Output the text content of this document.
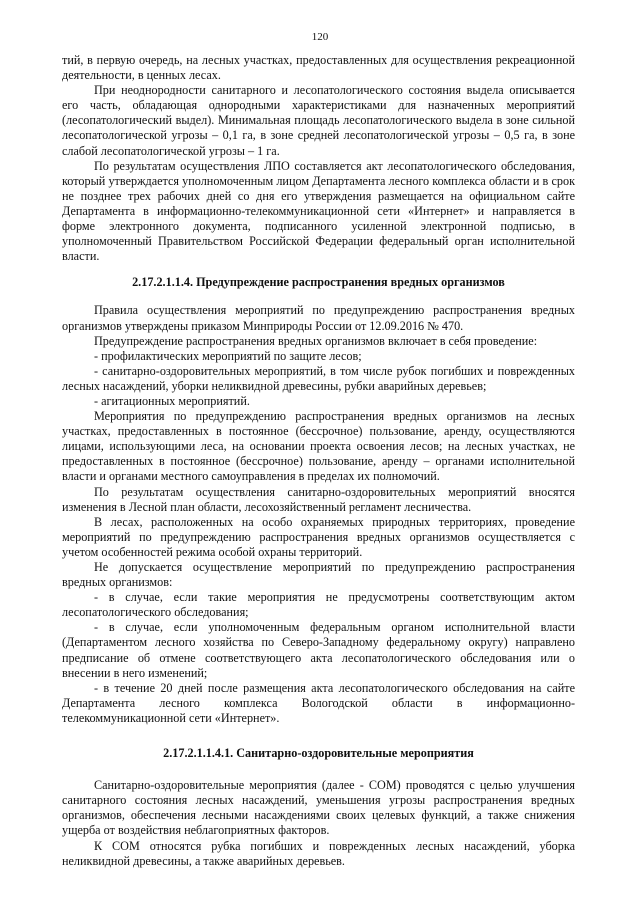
120

тий, в первую очередь, на лесных участках, предоставленных для осуществления рекреационной деятельности, в ценных лесах.

При неоднородности санитарного и лесопатологического состояния выдела описывается его часть, обладающая однородными характеристиками для назначенных мероприятий (лесопатологический выдел). Минимальная площадь лесопатологического выдела в зоне сильной лесопатологической угрозы – 0,1 га, в зоне средней лесопатологической угрозы – 0,5 га, в зоне слабой лесопатологической угрозы – 1 га.

По результатам осуществления ЛПО составляется акт лесопатологического обследования, который утверждается уполномоченным лицом Департамента лесного комплекса области и в срок не позднее трех рабочих дней со дня его утверждения размещается на официальном сайте Департамента в информационно-телекоммуникационной сети «Интернет» и направляется в форме электронного документа, подписанного усиленной электронной подписью, в уполномоченный Правительством Российской Федерации федеральный орган исполнительной власти.

2.17.2.1.1.4. Предупреждение распространения вредных организмов

Правила осуществления мероприятий по предупреждению распространения вредных организмов утверждены приказом Минприроды России от 12.09.2016 № 470.

Предупреждение распространения вредных организмов включает в себя проведение:

- профилактических мероприятий по защите лесов;

- санитарно-оздоровительных мероприятий, в том числе рубок погибших и поврежденных лесных насаждений, уборки неликвидной древесины, рубки аварийных деревьев;

- агитационных мероприятий.

Мероприятия по предупреждению распространения вредных организмов на лесных участках, предоставленных в постоянное (бессрочное) пользование, аренду, осуществляются лицами, использующими леса, на основании проекта освоения лесов; на лесных участках, не предоставленных в постоянное (бессрочное) пользование, аренду – органами исполнительной власти и органами местного самоуправления в пределах их полномочий.

По результатам осуществления санитарно-оздоровительных мероприятий вносятся изменения в Лесной план области, лесохозяйственный регламент лесничества.

В лесах, расположенных на особо охраняемых природных территориях, проведение мероприятий по предупреждению распространения вредных организмов осуществляется с учетом особенностей режима особой охраны территорий.

Не допускается осуществление мероприятий по предупреждению распространения вредных организмов:

- в случае, если такие мероприятия не предусмотрены соответствующим актом лесопатологического обследования;

- в случае, если уполномоченным федеральным органом исполнительной власти (Департаментом лесного хозяйства по Северо-Западному федеральному округу) направлено предписание об отмене соответствующего акта лесопатологического обследования или о внесении в него изменений;

- в течение 20 дней после размещения акта лесопатологического обследования на сайте Департамента лесного комплекса Вологодской области в информационно-

телекоммуникационной сети «Интернет».

2.17.2.1.1.4.1. Санитарно-оздоровительные мероприятия

Санитарно-оздоровительные мероприятия (далее - СОМ) проводятся с целью улучшения санитарного состояния лесных насаждений, уменьшения угрозы распространения вредных организмов, обеспечения лесными насаждениями своих целевых функций, а также снижения ущерба от воздействия неблагоприятных факторов.

К СОМ относятся рубка погибших и поврежденных лесных насаждений, уборка неликвидной древесины, а также аварийных деревьев.
